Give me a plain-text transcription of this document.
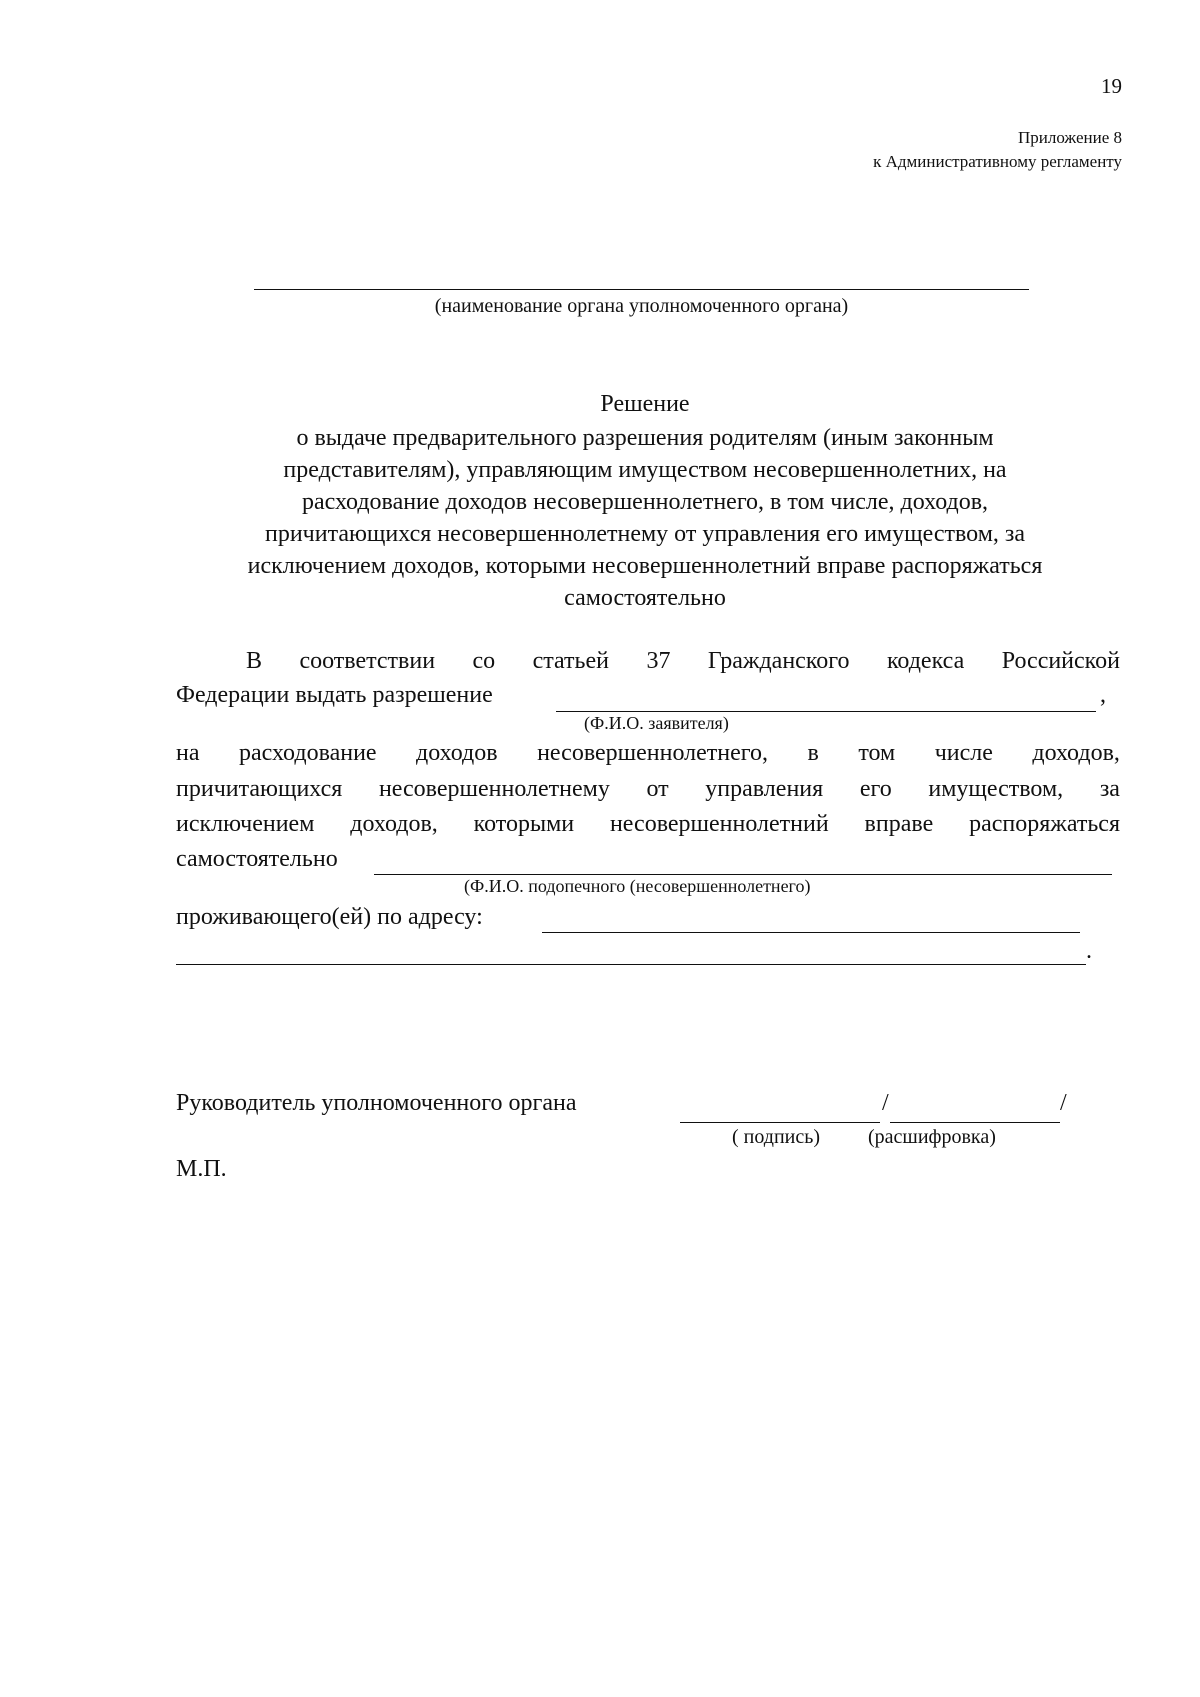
19
Приложение 8
к Административному регламенту
(наименование органа уполномоченного органа)
Решение
о выдаче предварительного разрешения родителям (иным законным
представителям), управляющим имуществом несовершеннолетних, на
расходование доходов несовершеннолетнего, в том числе, доходов,
причитающихся несовершеннолетнему от управления его имуществом, за
исключением доходов, которыми несовершеннолетний вправе распоряжаться
самостоятельно
В соответствии со статьей 37 Гражданского кодекса Российской
Федерации выдать разрешение	,
(Ф.И.О. заявителя)
на расходование доходов несовершеннолетнего, в том числе доходов,
причитающихся несовершеннолетнему от управления его имуществом, за
исключением доходов, которыми несовершеннолетний вправе распоряжаться
самостоятельно
(Ф.И.О. подопечного (несовершеннолетнего)
проживающего(ей) по адресу:
.
Руководитель уполномоченного органа	/	/
( подпись) (расшифровка)
М.П.
